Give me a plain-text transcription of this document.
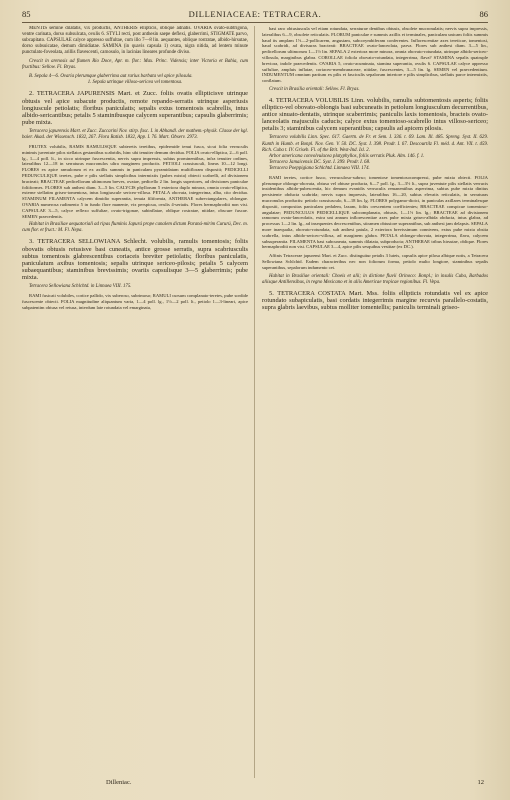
85	DILLENIACEAE: TETRACERA.	86

MENTIS semine dilatatis, vix productis, ANTHERIS ellipticis, oblique adnatis. OVARIA ovato-subtrigona, ventre carinata, dorso subsulcata, ovulis 6. STYLI recti, post anthesin saepe deflexi, glaberrimi, STIGMATE parvo, subcapitato. CAPSULAE calyce appresso suffultae, cum illo 7—8 lin. aequantes, oblique rostratae, albido-hirsutae, dorso subsuicatae, demum dimidiatae. SAMINA (in quavis capsula 1) ovata, nigra nitida, ad lentem minute punctulato-foveolata, arillis flavescenti, carnosulo, in lacinias lineares profunde diviso.

Crescit in arenosis ad flumen Rio Doce, Apr. m. flor.: Max. Princ. Vidensis; inter Victoria et Bahia, cum fructibus: Sellow. Fl. Bryas.

B. Sepala 4—6. Ovaria plerumque glaberrima aut rarius barbata vel apice pilosula.

1. Sepala utrinque villoso-sericea vel tomentosa.

2. TETRACERA JAPURENSIS Mart. et Zucc. foliis ovatis ellipticisve utrinque obtusis vel apice subacute productis, remote repando-serratis utrinque asperiusis longiuscule petiolatis; floribus paniculatis; sepalis extus tomentosis scabrellis, intus albido-sericantibus; petalis 5 staminibusque calycem superantibus; capsulis glaberrimis; pube mixta.

Tetracera japurensis Mart. et Zucc. Zuccarini Nov. stirp. fasc. I. in Abhandl. der mathem.-physik. Classe der kgl. baier. Akad. der Wissensch. 1832, 267. Flora Ratisb. 1832, App. I. 76. Mart. Observ. 2973.

FRUTEX volubilis, RAMIS RAMULISQUE subteretis teretibus, epidermide tenui fusca, sicut folia verruculis minimis juventute pilos stellatos gestantibus scabridis, hinc ubi tenuiter demum decidua. FOLIA ovato-elliptica, 2—6 poll. lg., 1—4 poll. lt., in sicco utrinque fuscescentia, nervis supra impressis, subtus prominentibus, infra tenuiter ordines, lateralibus 12—18 in serraturas mucronulos ultra marginem productis. PETIOLI crassiusculi, lineas 10—12 longi. FLORES ex apice ramulorum et ex axillis summis in paniculam pyramidatam multifloram dispositi; PEDICELLI PEDUNCULIQUE teretes, pube e pilis stellatis simplicibus intermixtis (pubes mixta) obtecti scabrelli, ad divisionem bracteati; BRACTEAE pedicellorum ultimorum breves, ovatae, pedicello 2 lin. longis superiores, ad divisiones paniculae foliiformes. FLORES sub anthesi diam. 3—5 lin. CALYCIS phyllorum 5 exteriora duplo minora, omnia ovato-elliptica, externe stellatim griseo-tomentosa, intus longiuscule sericeo-villosa. PETALA obovata, integerrima, alba, cito decidua. STAMINUM FILAMENTA calycem dimidio superantia, tenuia filiformia, ANTHERAE subrectangulares, oblongae. OVARIA numerosa rudimento 5 in fundo flore manente, vix perspicua, ovulis 4-seriatis. Flores hermaphroditi non visi. CAPSULAE 3—5, calyce reflexo suffultae, ovato-trigonae, subinflatae, oblique rostratae, nitidae, obscure fuscae. SEMEN praecedentis.

Habitat in Brasiliae aequatoriali ad ripas fluminis Japurá prope canalem dictum Paraná-mirim Cururú, Dec. m. cum flor. et fruct.: M. Fl. Nepa.

3. TETRACERA SELLOWIANA Schlecht. volubilis, ramulis tomentosis; foliis obovatis obtusis retusisve basi cuneatis, antice grosse serratis, supra scabriusculis subtus tomentosis glabrescentibus coriaceis breviter petiolatis; floribus paniculatis, paniculatum axibus tomentosis; sepalis utrinque sericeo-pilosis; petalis 5 calycem subaequantibus; staminibus brevissimis; ovariis capsulisque 3—5 glaberrimis; pube mixta.

Tetracera Sellowiana Schlchtd. in Linnaea VIII. 175.

RAMI fusicati volubiles, cortice pallido, vix suberoso, subrimoso; RAMULI cursum complanato-teretes, pube sordide fuscescente obtecti. FOLIA magnitudine aliquantum varia, 1—4 poll. lg., 1½—2 poll. lt., petiolo 1—3-lineari, apice subpatentim obtusa vel retusa, interdum late rotundata vel emarginata,

basi raro obtusiuscula vel etiam rotundata, serraturae dentibus obtusis, obsolete mucronulatis; nervis supra impressis, lateralibus 6—9, obsolete reticulatis. FLORUM paniculae e summis axillis et terminales, paniculam unicam foliis summis haud its amplam 1½—2-pollicarem, angustam, subcorymbiferam conferentes. Inflorescentiae axes tereticae, tomentosi, haud scabridi, ad divisuras bracteati: BRACTEAE ovato-lanceolata, parva. Flores sub anthesi diam. 3—5 lin., pedicellorum ultimorum 1—1½ lin. SEPALA 2 exteriora more minora, omnia obovato-rotundata, utrinque albido-sericeo-villosula, marginibus glabra. COROLLAE foliola obovato-rotundata, integerrima, flava? STAMINA sepalis quatruple breviora, indole praecedentis. OVARIA 5, ovato-acuminata, stamina superantia, ovulis 6. CAPSULAE calyce appresso suffultae, ampluis inflatae, coriaceo-membranaceae, nitidae, fuscescentes, 3—5 lin. lg. SEMEN vel praecedentium. INDUMENTUM omnium partium ex pilis et fasciculis sepalorum interiore e pilis simplicibus, stellatis parce intermixtis, conflatum.

Crescit in Brasilia orientali: Sellow. Fl. Bryas.

4. TETRACERA VOLUBILIS Linn. volubilis, ramulis subtomentosis asperis; foliis elliptico-vel obovato-oblongis basi subcuneatis in petiolum longiusculum decurrentibus, antice sinuato-dentatis, utrinque scaberrimis; paniculis laxis tomentosis, bracteis ovato-lanceolatis majusculis caducis; calyce extus tomentoso-scabrello intus villoso-sericeo; petalis 3; staminibus calycem superantibus; capsulis ad apicem pilosis.

Tetracera volubilis Linn. Spec. 617. Gaertn. de Fr. et Sem. I. 336. t. 69. Lam. Ill. 485. Spreng. Syst. II. 629. Kunth in Humb. et Bonpl. Nov. Gen. V. 50. DC. Syst. I. 398. Prodr. I. 67. Descourtilz Fl. méd. d. Ant. VII. t. 459. Rich. Cuba t. IV. Griseb. Fl. of the Brit. West-Ind. Isl. 2.

Arbor americana convolvulacea platyphyllos, foliis serratis Pluk. Alm. 146. f. 1.

Tetracera Jamaicensis DC. Syst. I. 399. Prodr. I. 68.

Tetracera Poeppigiana Schlchtd. Linnaea VIII. 174.

RAMI teretes, cortice fusco, verruculoso-subrso; tomentose tomentosocompressi, pube mixta obtecti. FOLIA plerumque oblongo-obovata, obtusa vel obtuse producta, 6—7 poll. lg., 3—3½ lt., supra juventute pilis stellatis verrucis insidentibus albido-pubescentia, hic demum evanidis verruculis remanentibus asperrima, subtus pube mixta dinitus persistente obducta scabrida; nervis supra impressis, lateralibus 16—20, subtus elevatis reticulatis, in serraturas mucronulos productis: petiolo crassiusculo, 6—18 lin. lg. FLORES polygamo-dioici, in paniculas axillares terminalesque dispositi, compositas paniculam pedalem, laxam, foliis crescentem coefficientes; BRACTEAE conspicue tomentoso-angulatae; PEDUNCULUS PEDICELLIQUE subcomplanata, obtusis, 1—1½ lin. lg.; BRACTEAE ad divisionem ramorum ovato-lanceolatis, extra uni annum inflorescentiae axes pube mixta griseo-albida obducta, intus glabra, ad processus 1—2 lin. lg., ad insequentes decrescentibus, stiramen obtusiore superantibus, sub anthesi jam delapsis. SEPALA more inaequalia, obovato-rotundata, sub anthesi patula, 2 exteriora brevissimum connivens, extus pube mixta obsita scabrella, intus albido-sericeo-villosa, ad marginem glabra. PETALA oblongo-obovata, integerrima, flava, calycem subsuperantia. FILAMENTA basi subcuneata, summis dilatata, subproducta; ANTHERAE tribus hirsutae, oblique. Flores hermaphroditi non visi. CAPSULAE 3—4, apice pilis sesquibus vestitae (ex DC.).

Affinis Tetracerae japurensi Mart. et Zucc. distinguitur petalis 3 luteis, capsulis apice pilosa albique notis, a Tetracera Sellowiana Schlchtd. Eadem characteribus nec non foliorum forma, petiolo multo longiore, staminibus sepalis superantibus, sepalorum indumento cet.

Habitat in Brasiliae orientali: Choeis et alii; in dictione fluvii Orinoco: Bonpl.; in insulis Cuba, Barbados aliisque Antillensibus, in regno Mexicano et in aliis Americae tropicae regionibus. Fl. Vepa.

5. TETRACERA COSTATA Mart. Mss. foliis ellipticis rotundatis vel ex apice rotundato subapiculatis, basi cordatis integerrimis margine recurvis parallelo-costatis, supra glabris laevibus, subtus molliter tomentellis; paniculis terminali griseo-

Dilleniac.	12
